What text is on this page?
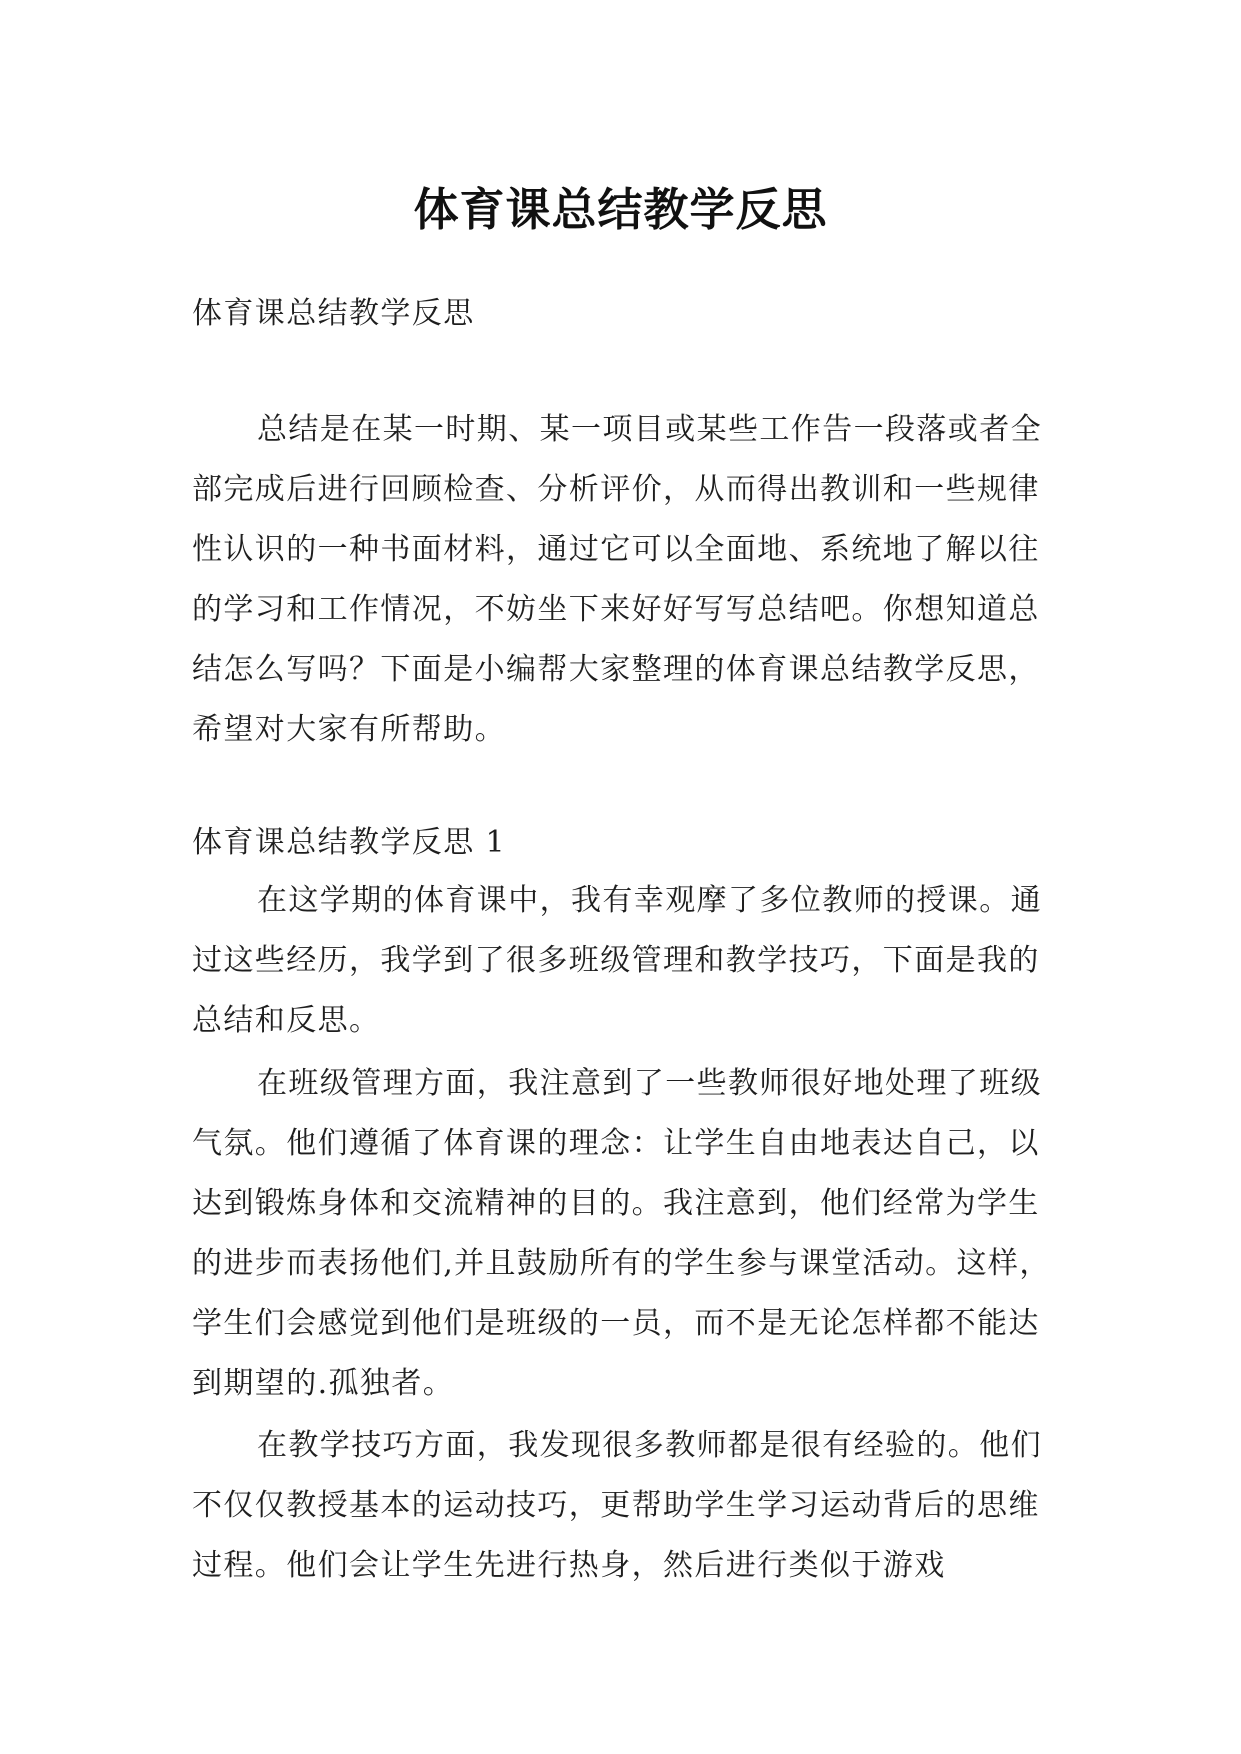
体育课总结教学反思

体育课总结教学反思

总结是在某一时期、某一项目或某些工作告一段落或者全部完成后进行回顾检查、分析评价，从而得出教训和一些规律性认识的一种书面材料，通过它可以全面地、系统地了解以往的学习和工作情况，不妨坐下来好好写写总结吧。你想知道总结怎么写吗？下面是小编帮大家整理的体育课总结教学反思，希望对大家有所帮助。

体育课总结教学反思 1

在这学期的体育课中，我有幸观摩了多位教师的授课。通过这些经历，我学到了很多班级管理和教学技巧，下面是我的总结和反思。

在班级管理方面，我注意到了一些教师很好地处理了班级气氛。他们遵循了体育课的理念：让学生自由地表达自己，以达到锻炼身体和交流精神的目的。我注意到，他们经常为学生的进步而表扬他们,并且鼓励所有的学生参与课堂活动。这样，学生们会感觉到他们是班级的一员，而不是无论怎样都不能达到期望的.孤独者。

在教学技巧方面，我发现很多教师都是很有经验的。他们不仅仅教授基本的运动技巧，更帮助学生学习运动背后的思维过程。他们会让学生先进行热身，然后进行类似于游戏
